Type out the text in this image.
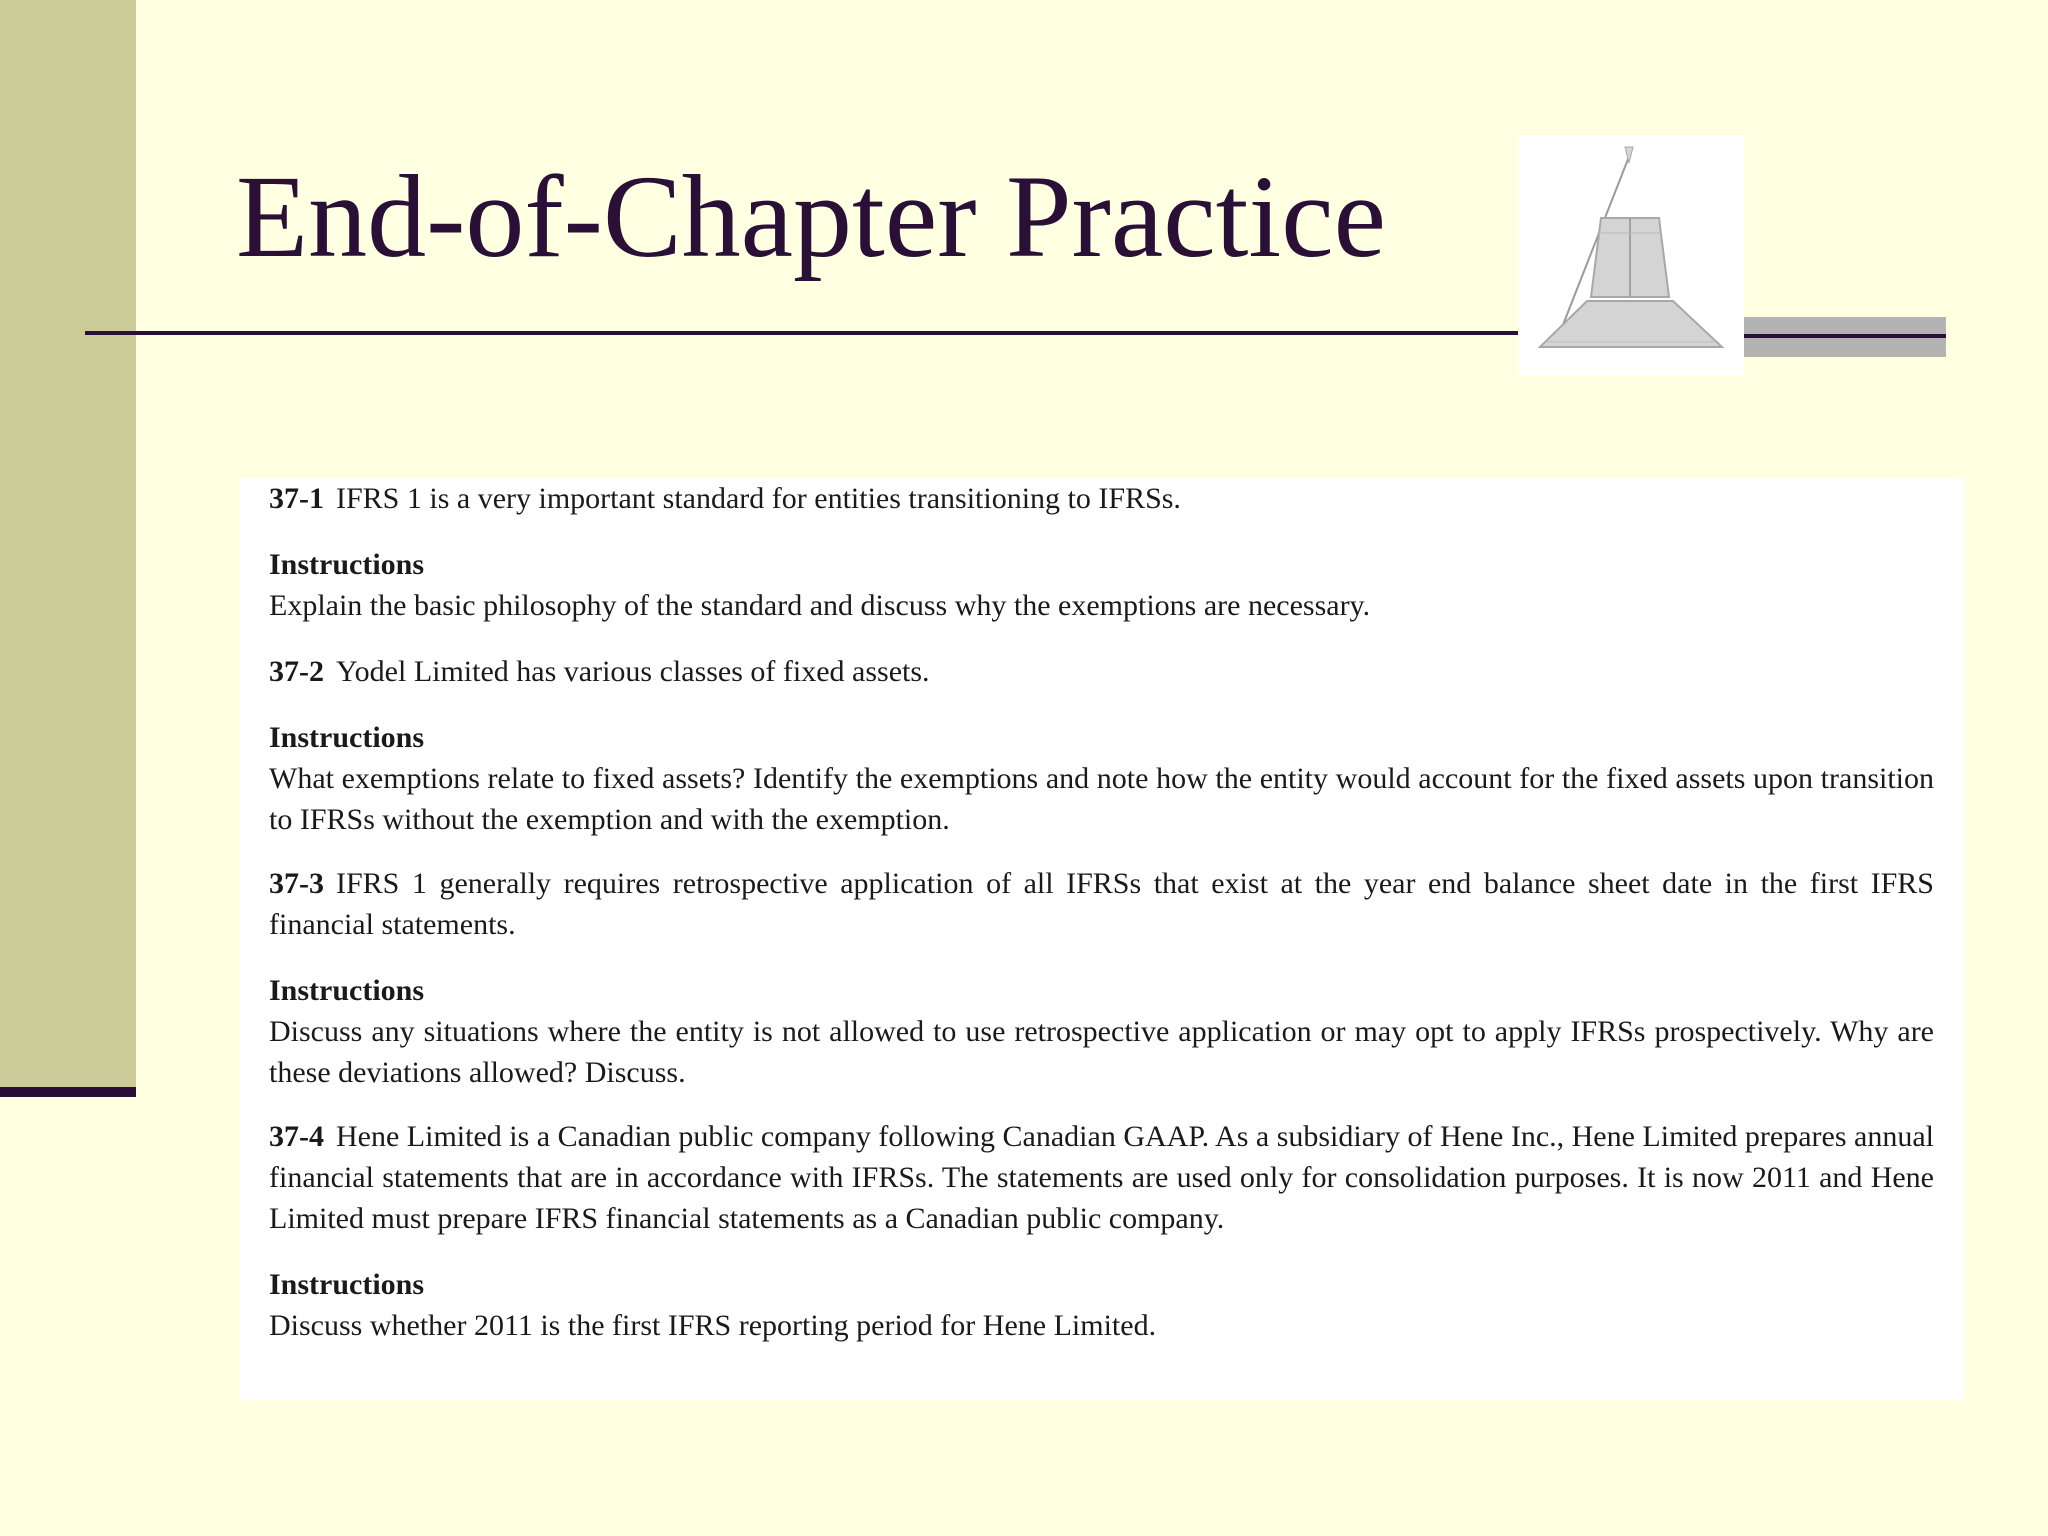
End-of-Chapter Practice

37-1 IFRS 1 is a very important standard for entities transitioning to IFRSs.

Instructions

Explain the basic philosophy of the standard and discuss why the exemptions are necessary.

37-2 Yodel Limited has various classes of fixed assets.

Instructions

What exemptions relate to fixed assets? Identify the exemptions and note how the entity would account for the fixed assets upon transition to IFRSs without the exemption and with the exemption.

37-3 IFRS 1 generally requires retrospective application of all IFRSs that exist at the year end balance sheet date in the first IFRS financial statements.

Instructions

Discuss any situations where the entity is not allowed to use retrospective application or may opt to apply IFRSs prospectively. Why are these deviations allowed? Discuss.

37-4 Hene Limited is a Canadian public company following Canadian GAAP. As a subsidiary of Hene Inc., Hene Limited prepares annual financial statements that are in accordance with IFRSs. The statements are used only for consolidation purposes. It is now 2011 and Hene Limited must prepare IFRS financial statements as a Canadian public company.

Instructions

Discuss whether 2011 is the first IFRS reporting period for Hene Limited.
